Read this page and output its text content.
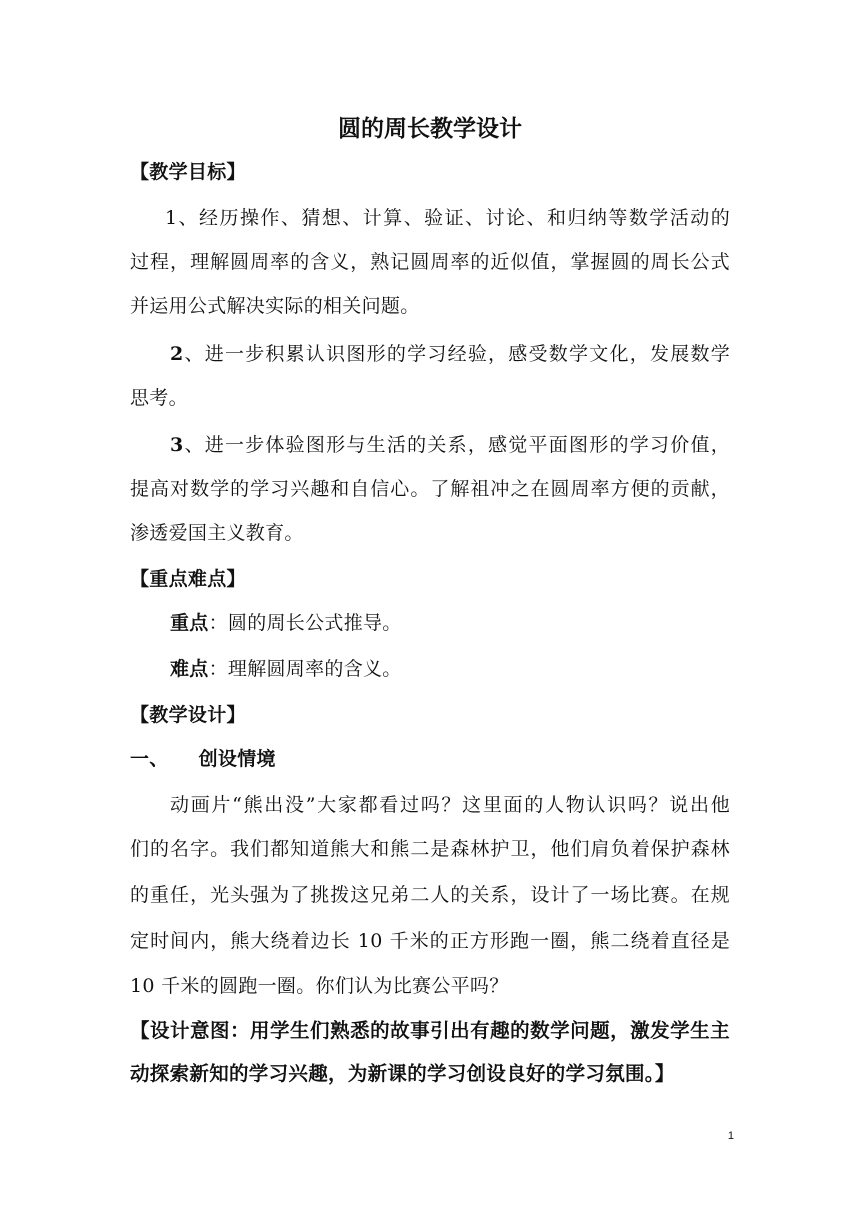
圆的周长教学设计
【教学目标】
1、经历操作、猜想、计算、验证、讨论、和归纳等数学活动的
过程，理解圆周率的含义，熟记圆周率的近似值，掌握圆的周长公式
并运用公式解决实际的相关问题。
2、进一步积累认识图形的学习经验，感受数学文化，发展数学
思考。
3、进一步体验图形与生活的关系，感觉平面图形的学习价值，
提高对数学的学习兴趣和自信心。了解祖冲之在圆周率方便的贡献，
渗透爱国主义教育。
【重点难点】
重点：圆的周长公式推导。
难点：理解圆周率的含义。
【教学设计】
一、 创设情境
动画片“熊出没”大家都看过吗？这里面的人物认识吗？说出他
们的名字。我们都知道熊大和熊二是森林护卫，他们肩负着保护森林
的重任，光头强为了挑拨这兄弟二人的关系，设计了一场比赛。在规
定时间内，熊大绕着边长 10 千米的正方形跑一圈，熊二绕着直径是
10 千米的圆跑一圈。你们认为比赛公平吗？
【设计意图：用学生们熟悉的故事引出有趣的数学问题，激发学生主
动探索新知的学习兴趣，为新课的学习创设良好的学习氛围。】
1
